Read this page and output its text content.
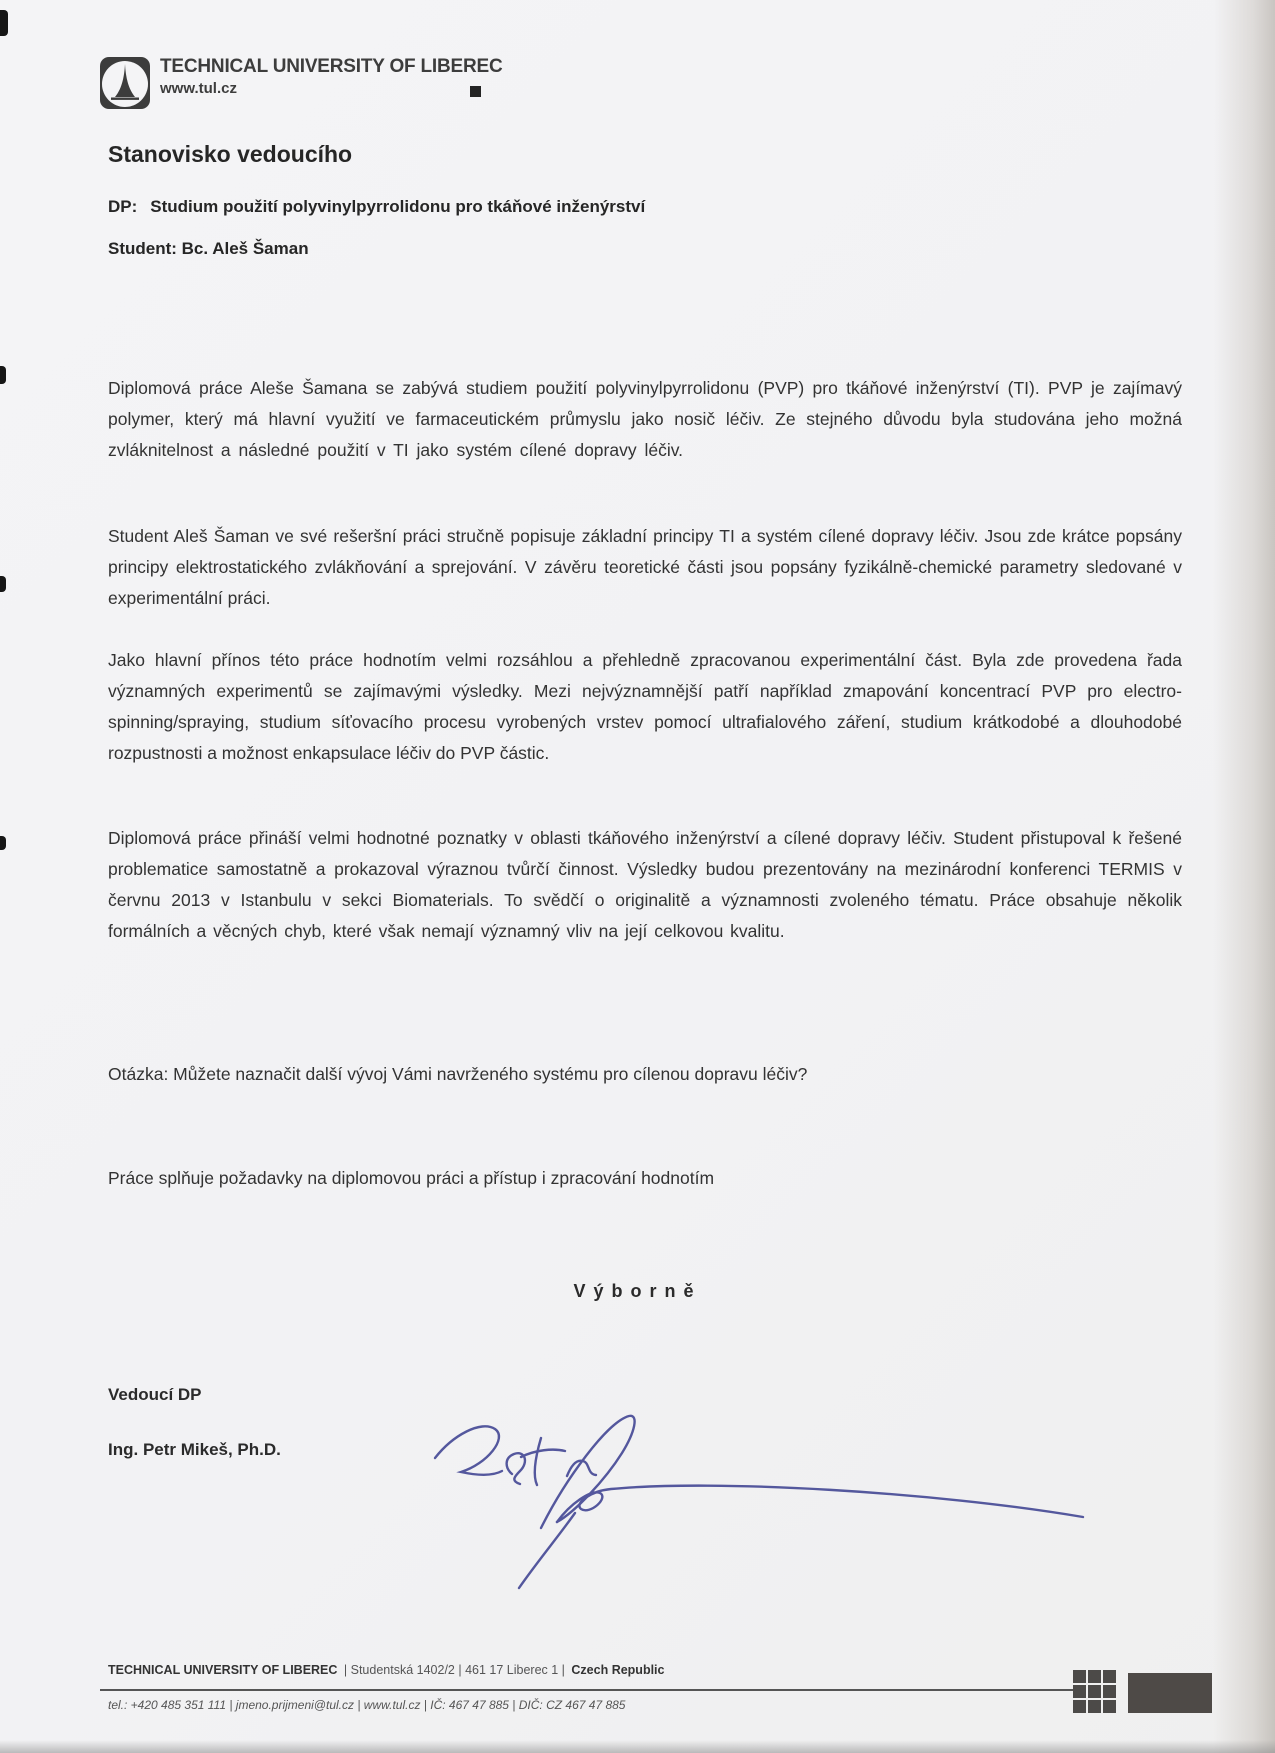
TECHNICAL UNIVERSITY OF LIBEREC
www.tul.cz
Stanovisko vedoucího
DP: Studium použití polyvinylpyrrolidonu pro tkáňové inženýrství
Student: Bc. Aleš Šaman

Diplomová práce Aleše Šamana se zabývá studiem použití polyvinylpyrrolidonu (PVP) pro tkáňové inženýrství (TI). PVP je zajímavý polymer, který má hlavní využití ve farmaceutickém průmyslu jako nosič léčiv. Ze stejného důvodu byla studována jeho možná zvláknitelnost a následné použití v TI jako systém cílené dopravy léčiv.

Student Aleš Šaman ve své rešeršní práci stručně popisuje základní principy TI a systém cílené dopravy léčiv. Jsou zde krátce popsány principy elektrostatického zvlákňování a sprejování. V závěru teoretické části jsou popsány fyzikálně-chemické parametry sledované v experimentální práci.

Jako hlavní přínos této práce hodnotím velmi rozsáhlou a přehledně zpracovanou experimentální část. Byla zde provedena řada významných experimentů se zajímavými výsledky. Mezi nejvýznamnější patří například zmapování koncentrací PVP pro electro-spinning/spraying, studium síťovacího procesu vyrobených vrstev pomocí ultrafialového záření, studium krátkodobé a dlouhodobé rozpustnosti a možnost enkapsulace léčiv do PVP částic.

Diplomová práce přináší velmi hodnotné poznatky v oblasti tkáňového inženýrství a cílené dopravy léčiv. Student přistupoval k řešené problematice samostatně a prokazoval výraznou tvůrčí činnost. Výsledky budou prezentovány na mezinárodní konferenci TERMIS v červnu 2013 v Istanbulu v sekci Biomaterials. To svědčí o originalitě a významnosti zvoleného tématu. Práce obsahuje několik formálních a věcných chyb, které však nemají významný vliv na její celkovou kvalitu.

Otázka: Můžete naznačit další vývoj Vámi navrženého systému pro cílenou dopravu léčiv?

Práce splňuje požadavky na diplomovou práci a přístup i zpracování hodnotím

Výborně
Vedoucí DP
Ing. Petr Mikeš, Ph.D.
TECHNICAL UNIVERSITY OF LIBEREC | Studentská 1402/2 | 461 17 Liberec 1 | Czech Republic
tel.: +420 485 351 111 | jmeno.prijmeni@tul.cz | www.tul.cz | IČ: 467 47 885 | DIČ: CZ 467 47 885
